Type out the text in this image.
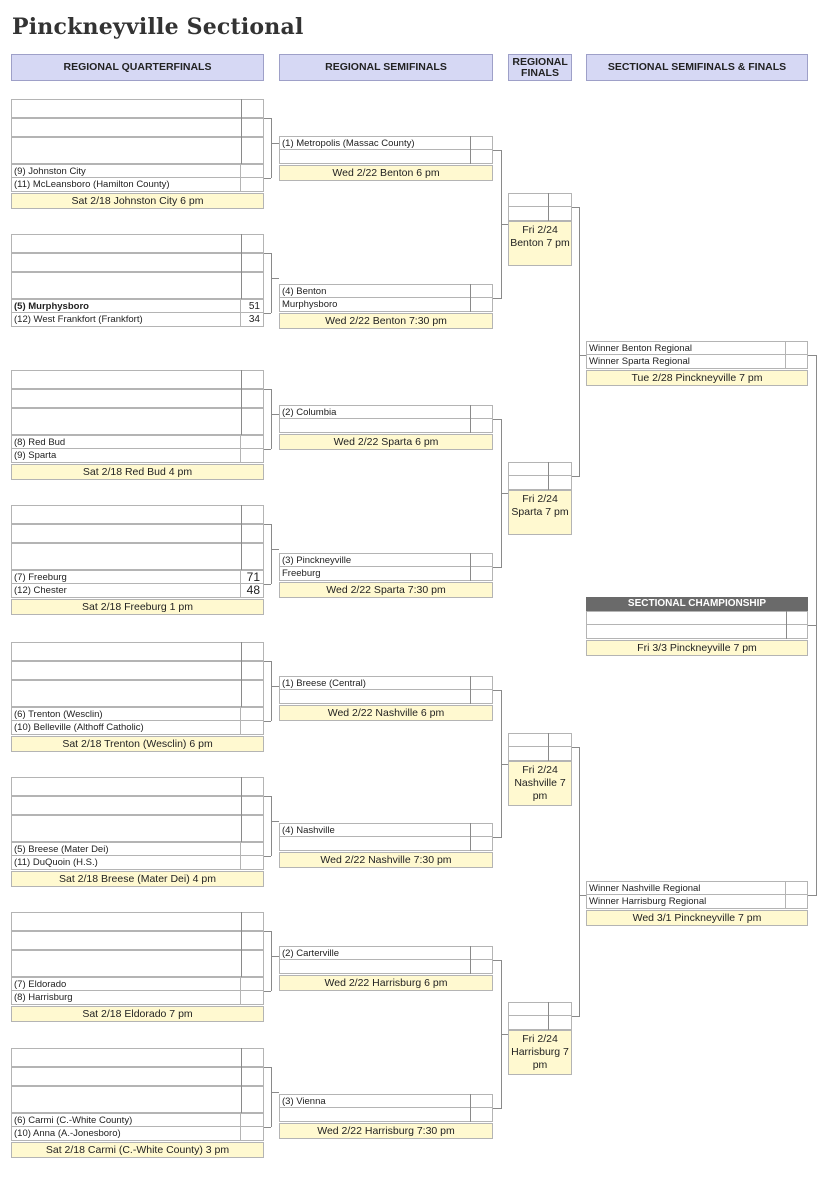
Pinckneyville Sectional
REGIONAL QUARTERFINALS	REGIONAL SEMIFINALS	REGIONAL FINALS	SECTIONAL SEMIFINALS & FINALS
(9) Johnston City
(11) McLeansboro (Hamilton County)
Sat 2/18 Johnston City 6 pm
(5) Murphysboro	51
(12) West Frankfort (Frankfort)	34
(8) Red Bud
(9) Sparta
Sat 2/18 Red Bud 4 pm
(7) Freeburg	71
(12) Chester	48
Sat 2/18 Freeburg 1 pm
(6) Trenton (Wesclin)
(10) Belleville (Althoff Catholic)
Sat 2/18 Trenton (Wesclin) 6 pm
(5) Breese (Mater Dei)
(11) DuQuoin (H.S.)
Sat 2/18 Breese (Mater Dei) 4 pm
(7) Eldorado
(8) Harrisburg
Sat 2/18 Eldorado 7 pm
(6) Carmi (C.-White County)
(10) Anna (A.-Jonesboro)
Sat 2/18 Carmi (C.-White County) 3 pm
(1) Metropolis (Massac County)
Wed 2/22 Benton 6 pm
(4) Benton
Murphysboro
Wed 2/22 Benton 7:30 pm
(2) Columbia
Wed 2/22 Sparta 6 pm
(3) Pinckneyville
Freeburg
Wed 2/22 Sparta 7:30 pm
(1) Breese (Central)
Wed 2/22 Nashville 6 pm
(4) Nashville
Wed 2/22 Nashville 7:30 pm
(2) Carterville
Wed 2/22 Harrisburg 6 pm
(3) Vienna
Wed 2/22 Harrisburg 7:30 pm
Fri 2/24 Benton 7 pm
Fri 2/24 Sparta 7 pm
Fri 2/24 Nashville 7 pm
Fri 2/24 Harrisburg 7 pm
Winner Benton Regional
Winner Sparta Regional
Tue 2/28 Pinckneyville 7 pm
Winner Nashville Regional
Winner Harrisburg Regional
Wed 3/1 Pinckneyville 7 pm
Fri 3/3 Pinckneyville 7 pm
SECTIONAL CHAMPIONSHIP
